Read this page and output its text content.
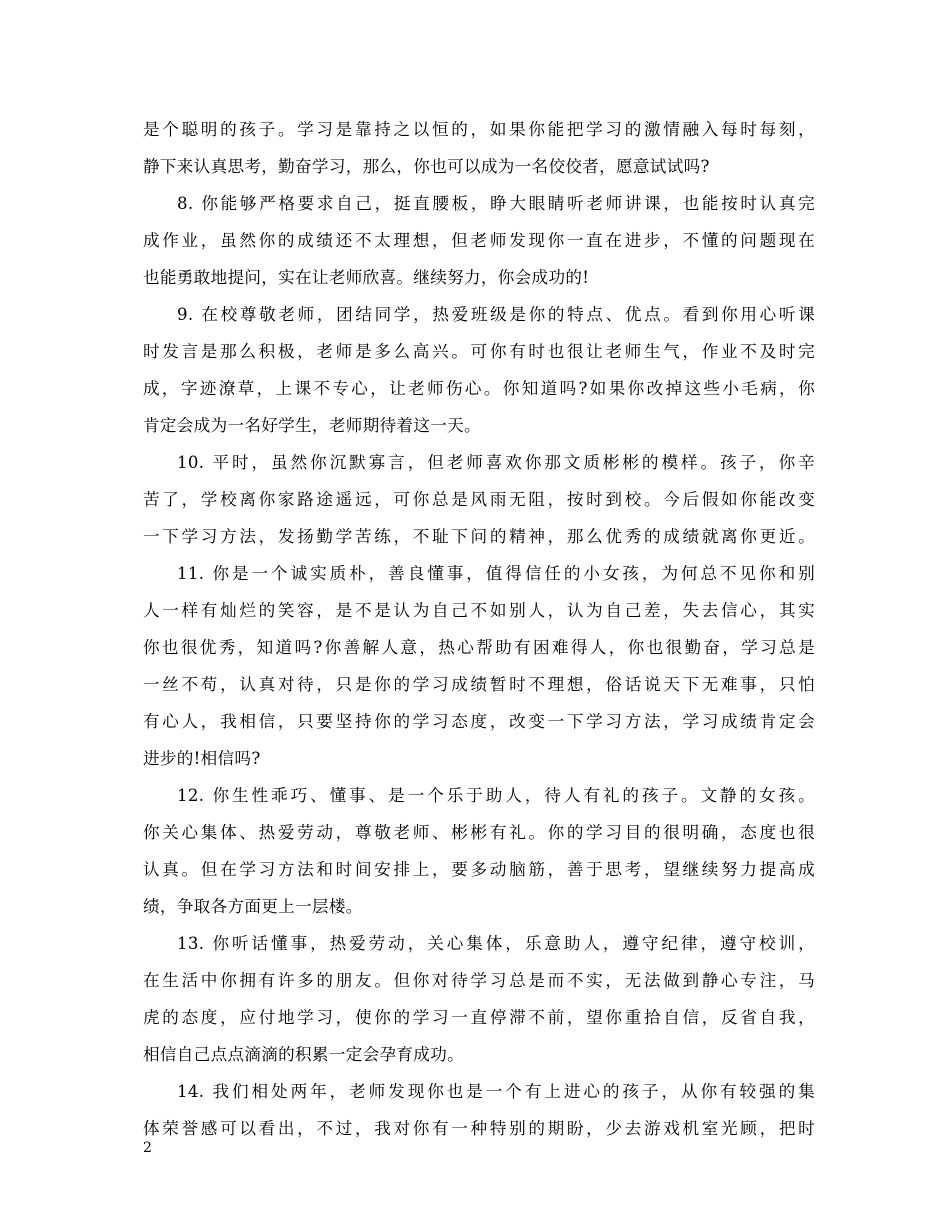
是个聪明的孩子。学习是靠持之以恒的，如果你能把学习的激情融入每时每刻，
静下来认真思考，勤奋学习，那么，你也可以成为一名佼佼者，愿意试试吗?
8. 你能够严格要求自己，挺直腰板，睁大眼睛听老师讲课，也能按时认真完
成作业，虽然你的成绩还不太理想，但老师发现你一直在进步，不懂的问题现在
也能勇敢地提问，实在让老师欣喜。继续努力，你会成功的!
9. 在校尊敬老师，团结同学，热爱班级是你的特点、优点。看到你用心听课
时发言是那么积极，老师是多么高兴。可你有时也很让老师生气，作业不及时完
成，字迹潦草，上课不专心，让老师伤心。你知道吗?如果你改掉这些小毛病，你
肯定会成为一名好学生，老师期待着这一天。
10. 平时，虽然你沉默寡言，但老师喜欢你那文质彬彬的模样。孩子，你辛
苦了，学校离你家路途遥远，可你总是风雨无阻，按时到校。今后假如你能改变
一下学习方法，发扬勤学苦练，不耻下问的精神，那么优秀的成绩就离你更近。
11. 你是一个诚实质朴，善良懂事，值得信任的小女孩，为何总不见你和别
人一样有灿烂的笑容，是不是认为自己不如别人，认为自己差，失去信心，其实
你也很优秀，知道吗?你善解人意，热心帮助有困难得人，你也很勤奋，学习总是
一丝不苟，认真对待，只是你的学习成绩暂时不理想，俗话说天下无难事，只怕
有心人，我相信，只要坚持你的学习态度，改变一下学习方法，学习成绩肯定会
进步的!相信吗?
12. 你生性乖巧、懂事、是一个乐于助人，待人有礼的孩子。文静的女孩。
你关心集体、热爱劳动，尊敬老师、彬彬有礼。你的学习目的很明确，态度也很
认真。但在学习方法和时间安排上，要多动脑筋，善于思考，望继续努力提高成
绩，争取各方面更上一层楼。
13. 你听话懂事，热爱劳动，关心集体，乐意助人，遵守纪律，遵守校训，
在生活中你拥有许多的朋友。但你对待学习总是而不实，无法做到静心专注，马
虎的态度，应付地学习，使你的学习一直停滞不前，望你重拾自信，反省自我，
相信自己点点滴滴的积累一定会孕育成功。
14. 我们相处两年，老师发现你也是一个有上进心的孩子，从你有较强的集
体荣誉感可以看出，不过，我对你有一种特别的期盼，少去游戏机室光顾，把时
2
